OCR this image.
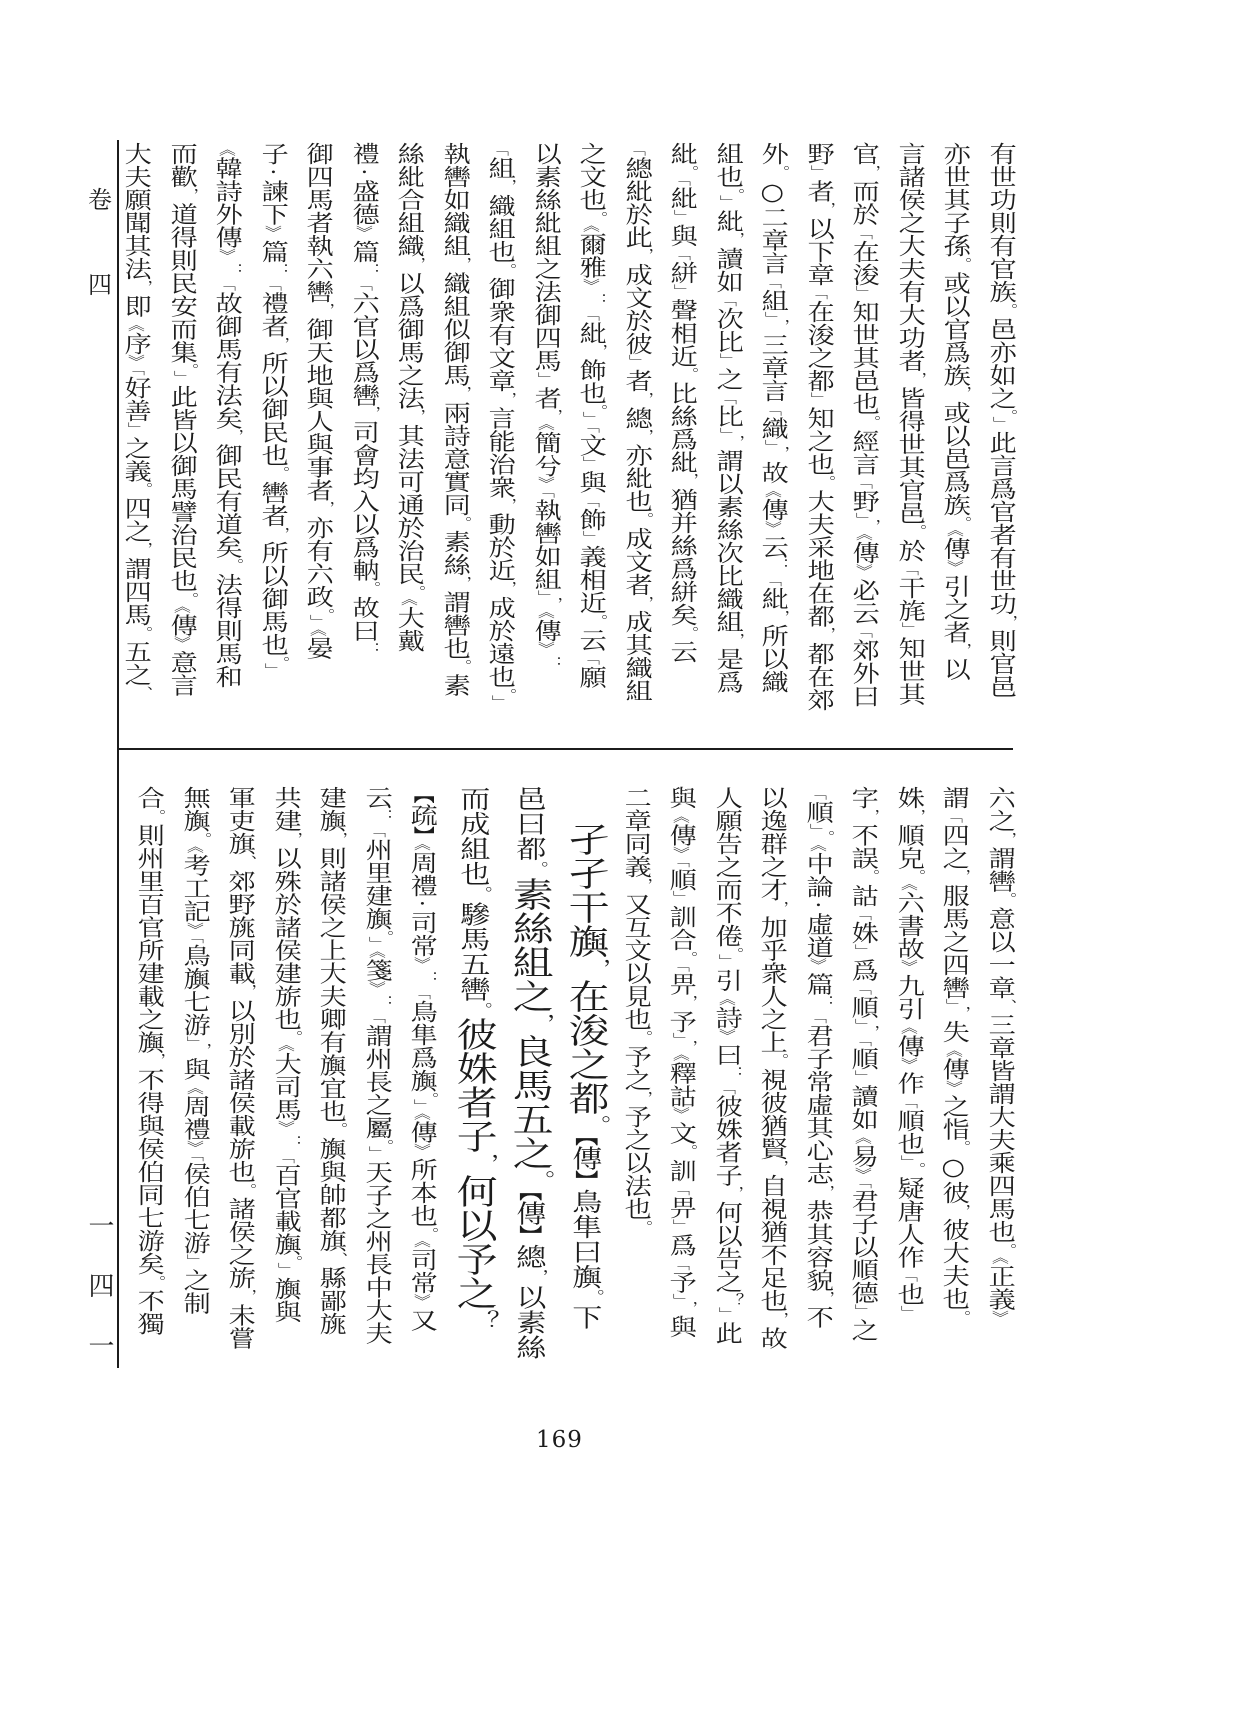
卷
四
一四一
有世功則有官族。邑亦如之。」此言爲官者有世功，則官邑
亦世其子孫。或以官爲族，或以邑爲族。《傳》引之者，以
言諸侯之大夫有大功者，皆得世其官邑。於「干旄」知世其
官，而於「在浚」知世其邑也。經言「野」，《傳》必云「郊外曰
野」者，以下章「在浚之都」知之也。大夫采地在都，都在郊
外。○二章言「組」，三章言「織」，故《傳》云：「紕，所以織
組也。」紕，讀如「次比」之「比」，謂以素絲次比織組，是爲
紕。「紕」與「絣」聲相近。比絲爲紕，猶并絲爲絣矣。云
「總紕於此，成文於彼」者，總，亦紕也。成文者，成其織組
之文也。《爾雅》：「紕，飾也。」「文」與「飾」義相近。云「願
以素絲紕組之法御四馬」者，《簡兮》「執轡如組」，《傳》：
「組，織組也。御衆有文章，言能治衆，動於近，成於遠也。」
執轡如織組，織組似御馬，兩詩意實同。素絲，謂轡也。素
絲紕合組織，以爲御馬之法，其法可通於治民。《大戴
禮・盛德》篇：「六官以爲轡，司會均入以爲軜。故曰：
御四馬者執六轡，御天地與人與事者，亦有六政。」《晏
子・諫下》篇：「禮者，所以御民也。轡者，所以御馬也。」
《韓詩外傳》：「故御馬有法矣，御民有道矣。法得則馬和
而歡，道得則民安而集。」此皆以御馬譬治民也。《傳》意言
大夫願聞其法，即《序》「好善」之義。四之，謂四馬。五之、
六之，謂轡。意以一章、三章皆謂大夫乘四馬也。《正義》
謂「四之，服馬之四轡」，失《傳》之恉。○彼，彼大夫也。
姝，順皃。《六書故》九引《傳》作「順也」。疑唐人作「也」
字，不誤。詁「姝」爲「順」，「順」讀如《易》「君子以順德」之
「順」。《中論・虛道》篇：「君子常虛其心志，恭其容貌，不
以逸群之才，加乎衆人之上。視彼猶賢，自視猶不足也，故
人願告之而不倦。」引《詩》曰：「彼姝者子，何以告之？」此
與《傳》「順」訓合。「畀，予」，《釋詁》文。訓「畀」爲「予」，與
二章同義，又互文以見也。予之，予之以法也。
孑孑干旟，在浚之都。【傳】鳥隼曰旟。下
邑曰都。素絲組之，良馬五之。【傳】總，以素絲
而成組也。驂馬五轡。彼姝者子，何以予之？
【疏】《周禮・司常》：「鳥隼爲旟。」《傳》所本也。《司常》又
云：「州里建旟。」《箋》：「謂州長之屬。」天子之州長中大夫
建旟，則諸侯之上大夫卿有旟宜也。旟與帥都旗、縣鄙旐
共建，以殊於諸侯建旂也。《大司馬》：「百官載旟。」旟與
軍吏旗、郊野旐同載，以別於諸侯載旂也。諸侯之旂，未嘗
無旟。《考工記》「鳥旟七游」，與《周禮》「侯伯七游」之制
合。則州里百官所建載之旟，不得與侯伯同七游矣。不獨
169
